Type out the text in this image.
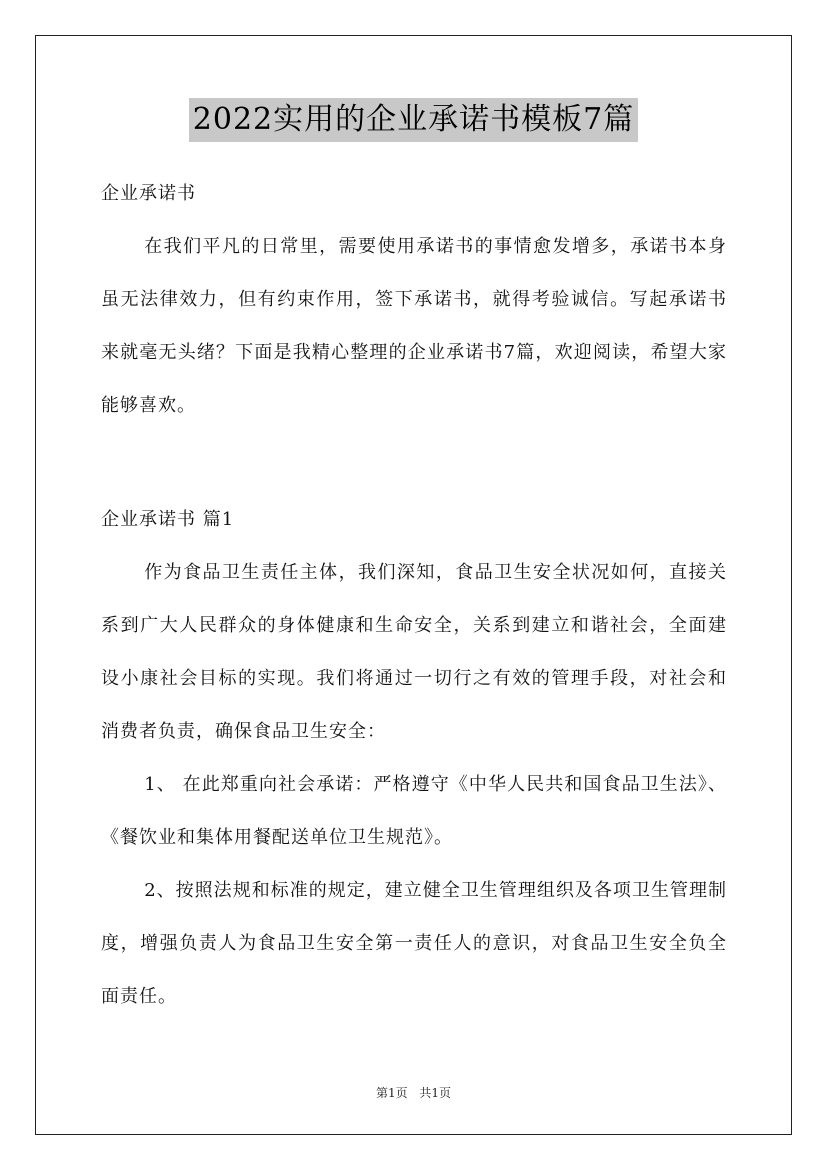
2022实用的企业承诺书模板7篇

企业承诺书

在我们平凡的日常里，需要使用承诺书的事情愈发增多，承诺书本身虽无法律效力，但有约束作用，签下承诺书，就得考验诚信。写起承诺书来就毫无头绪？下面是我精心整理的企业承诺书7篇，欢迎阅读，希望大家能够喜欢。

企业承诺书 篇1

作为食品卫生责任主体，我们深知，食品卫生安全状况如何，直接关系到广大人民群众的身体健康和生命安全，关系到建立和谐社会，全面建设小康社会目标的实现。我们将通过一切行之有效的管理手段，对社会和消费者负责，确保食品卫生安全：

1、 在此郑重向社会承诺：严格遵守《中华人民共和国食品卫生法》、《餐饮业和集体用餐配送单位卫生规范》。

2、按照法规和标准的规定，建立健全卫生管理组织及各项卫生管理制度，增强负责人为食品卫生安全第一责任人的意识，对食品卫生安全负全面责任。

第1页 共1页
